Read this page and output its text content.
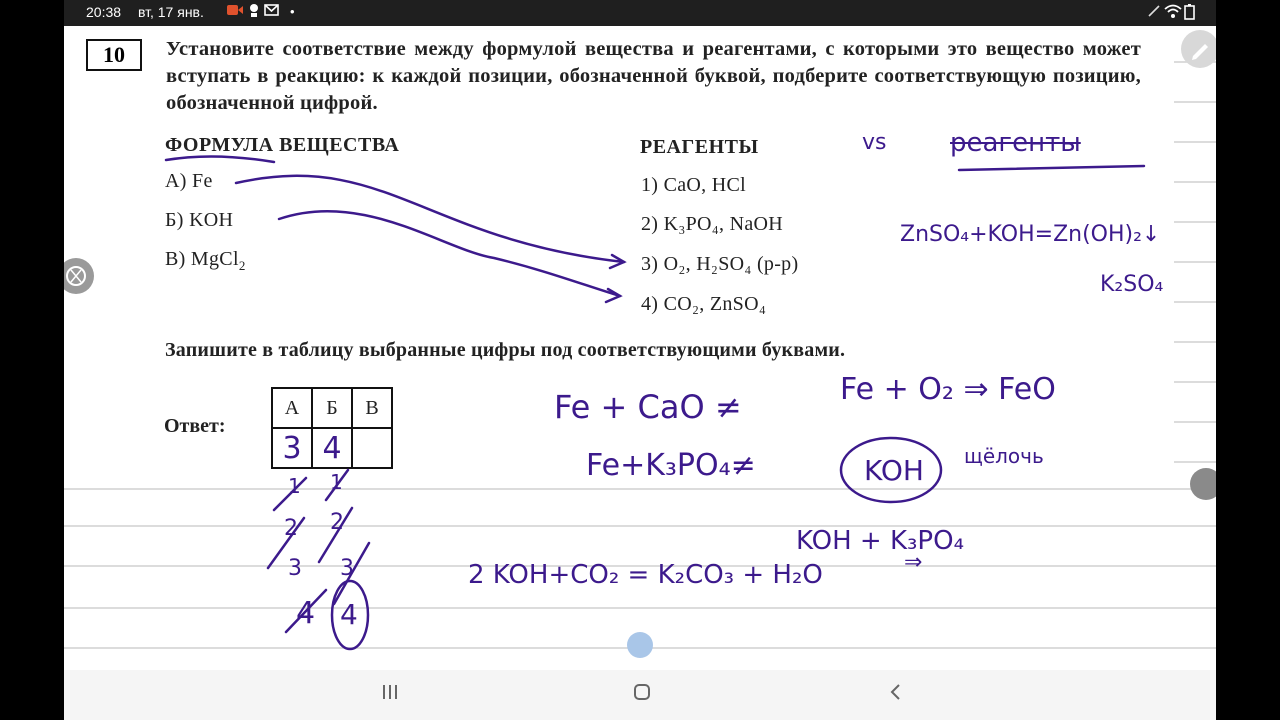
20:38 вт, 17 янв.	•
10	Установите соответствие между формулой вещества и реагентами, с которыми это вещество может вступать в реакцию: к каждой позиции, обозначенной буквой, подберите соответствующую позицию, обозначенной цифрой.
ФОРМУЛА ВЕЩЕСТВА	РЕАГЕНТЫ
А) Fe
Б) KOH
В) MgCl$_2$
1) CaO, HCl
2) K₃PO₄, NaOH
3) O₂, H₂SO₄ (р-р)
4) CO₂, ZnSO₄
Запишите в таблицу выбранные цифры под соответствующими буквами.
Ответ:
А	Б	В
3	4	
vs реагенты
ZnSO₄+KOH=Zn(OH)₂↓
K₂SO₄
Fe + CaO ≠	Fe + O₂ ⇒ FeO
Fe+K₃PO₄≠	KOH щёлочь
KOH + K₃PO₄
⇒
2 KOH+CO₂ = K₂CO₃ + H₂O
1 1
2 2
3 3
4 4
